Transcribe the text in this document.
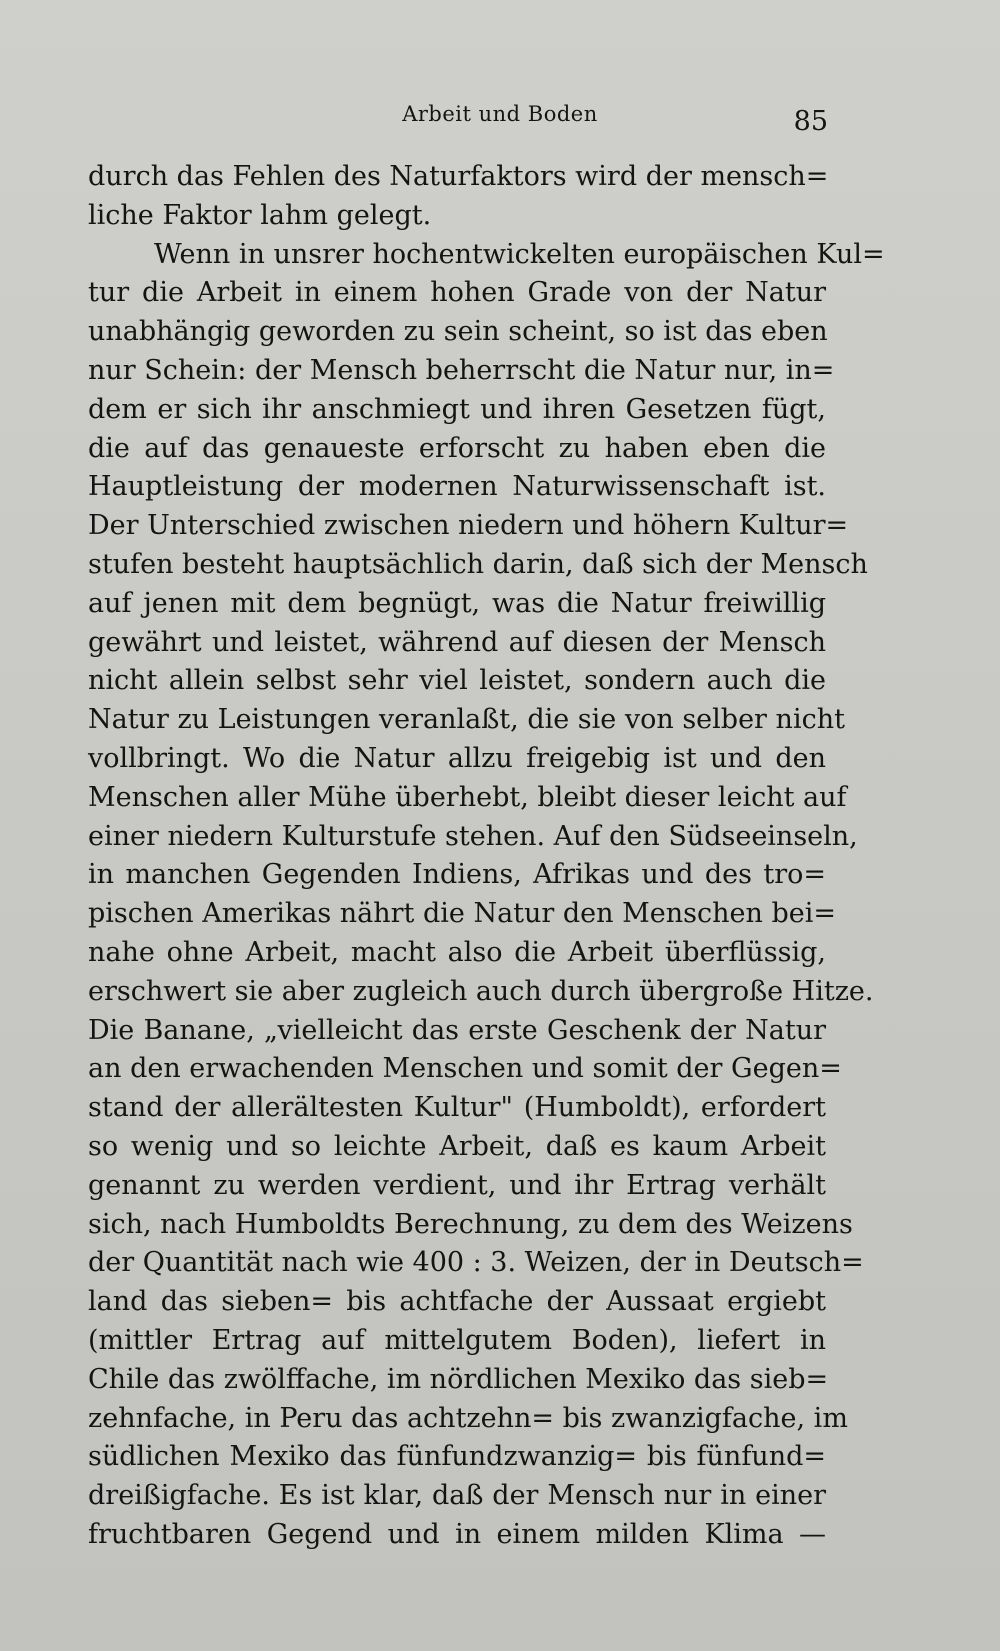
Arbeit und Boden	85
durch das Fehlen des Naturfaktors wird der mensch=
liche Faktor lahm gelegt.
Wenn in unsrer hochentwickelten europäischen Kul=
tur die Arbeit in einem hohen Grade von der Natur
unabhängig geworden zu sein scheint, so ist das eben
nur Schein: der Mensch beherrscht die Natur nur, in=
dem er sich ihr anschmiegt und ihren Gesetzen fügt,
die auf das genaueste erforscht zu haben eben die
Hauptleistung der modernen Naturwissenschaft ist.
Der Unterschied zwischen niedern und höhern Kultur=
stufen besteht hauptsächlich darin, daß sich der Mensch
auf jenen mit dem begnügt, was die Natur freiwillig
gewährt und leistet, während auf diesen der Mensch
nicht allein selbst sehr viel leistet, sondern auch die
Natur zu Leistungen veranlaßt, die sie von selber nicht
vollbringt. Wo die Natur allzu freigebig ist und den
Menschen aller Mühe überhebt, bleibt dieser leicht auf
einer niedern Kulturstufe stehen. Auf den Südseeinseln,
in manchen Gegenden Indiens, Afrikas und des tro=
pischen Amerikas nährt die Natur den Menschen bei=
nahe ohne Arbeit, macht also die Arbeit überflüssig,
erschwert sie aber zugleich auch durch übergroße Hitze.
Die Banane, „vielleicht das erste Geschenk der Natur
an den erwachenden Menschen und somit der Gegen=
stand der allerältesten Kultur" (Humboldt), erfordert
so wenig und so leichte Arbeit, daß es kaum Arbeit
genannt zu werden verdient, und ihr Ertrag verhält
sich, nach Humboldts Berechnung, zu dem des Weizens
der Quantität nach wie 400 : 3. Weizen, der in Deutsch=
land das sieben= bis achtfache der Aussaat ergiebt
(mittler Ertrag auf mittelgutem Boden), liefert in
Chile das zwölffache, im nördlichen Mexiko das sieb=
zehnfache, in Peru das achtzehn= bis zwanzigfache, im
südlichen Mexiko das fünfundzwanzig= bis fünfund=
dreißigfache. Es ist klar, daß der Mensch nur in einer
fruchtbaren Gegend und in einem milden Klima —
